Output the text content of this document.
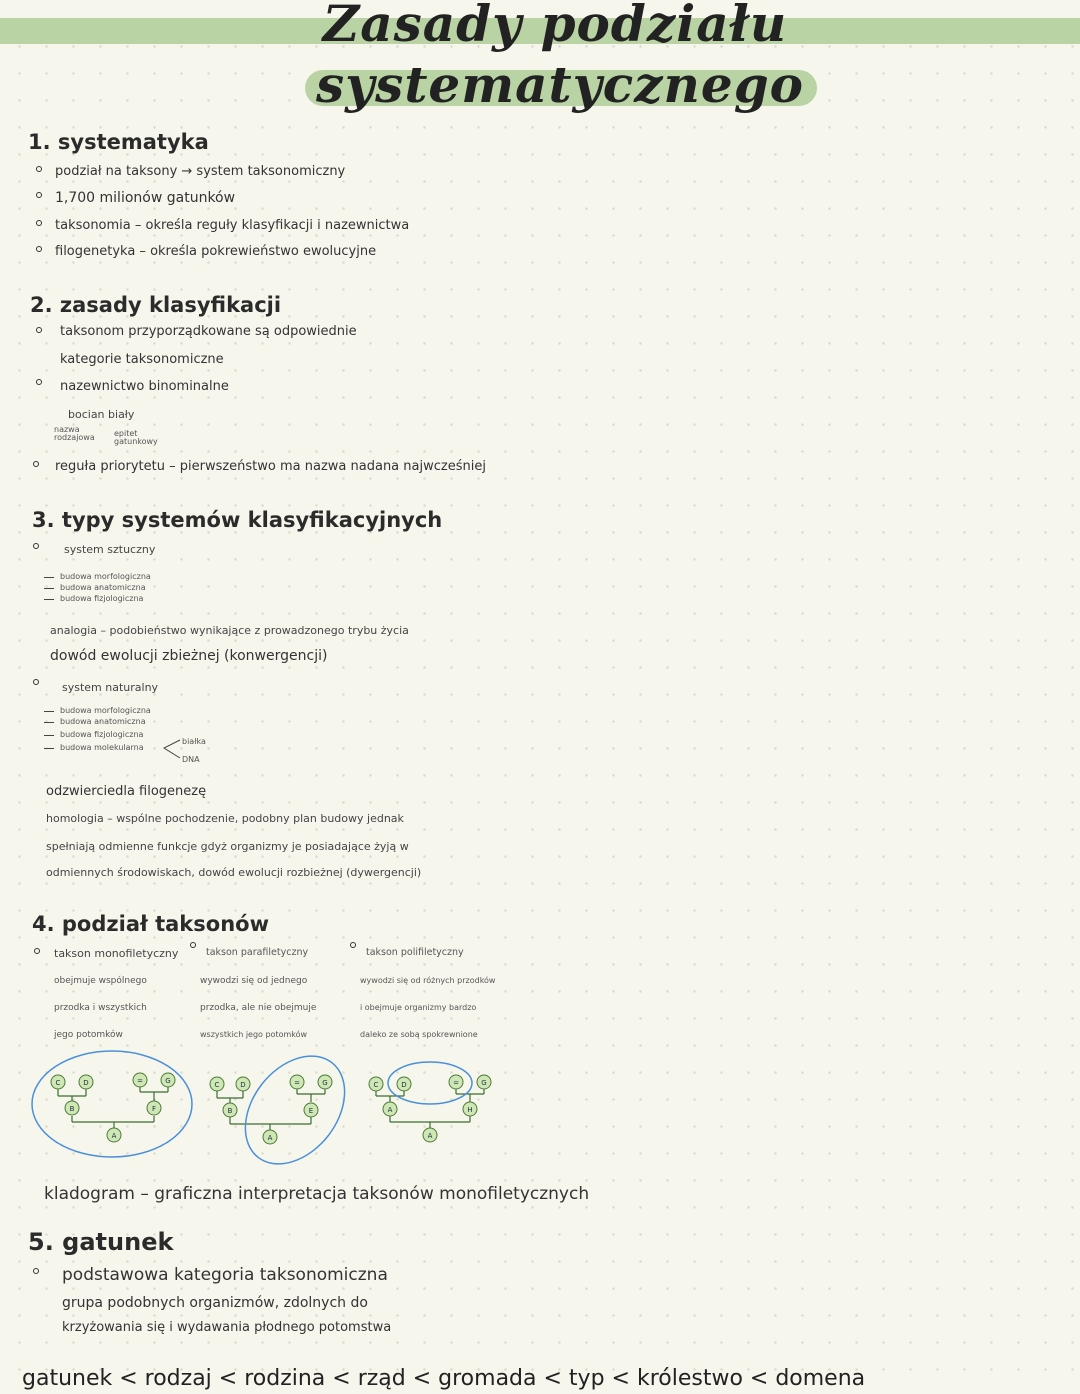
Zasady podziału
systematycznego
1. systematyka
podział na taksony → system taksonomiczny
1,700 milionów gatunków
taksonomia – określa reguły klasyfikacji i nazewnictwa
filogenetyka – określa pokrewieństwo ewolucyjne
2. zasady klasyfikacji
taksonom przyporządkowane są odpowiednie
kategorie taksonomiczne
nazewnictwo binominalne
bocian biały
nazwa rodzajowa epitet gatunkowy
reguła priorytetu – pierwszeństwo ma nazwa nadana najwcześniej
3. typy systemów klasyfikacyjnych
system sztuczny
budowa morfologiczna
budowa anatomiczna
budowa fizjologiczna
analogia – podobieństwo wynikające z prowadzonego trybu życia
dowód ewolucji zbieżnej (konwergencji)
system naturalny
budowa morfologiczna
budowa anatomiczna
budowa fizjologiczna
budowa molekularna
białka
DNA
odzwierciedla filogenezę
homologia – wspólne pochodzenie, podobny plan budowy jednak
spełniają odmienne funkcje gdyż organizmy je posiadające żyją w
odmiennych środowiskach, dowód ewolucji rozbieżnej (dywergencji)
4. podział taksonów
takson monofiletyczny
obejmuje wspólnego
przodka i wszystkich
jego potomków
takson parafiletyczny
wywodzi się od jednego
przodka, ale nie obejmuje
wszystkich jego potomków
takson polifiletyczny
wywodzi się od różnych przodków
i obejmuje organizmy bardzo
daleko ze sobą spokrewnione
C	D	=	G
B	F
A
C	D	=	G
B	E
A
C	D	=	G
A	H
A
kladogram – graficzna interpretacja taksonów monofiletycznych
5. gatunek
podstawowa kategoria taksonomiczna
grupa podobnych organizmów, zdolnych do
krzyżowania się i wydawania płodnego potomstwa
gatunek < rodzaj < rodzina < rząd < gromada < typ < królestwo < domena
